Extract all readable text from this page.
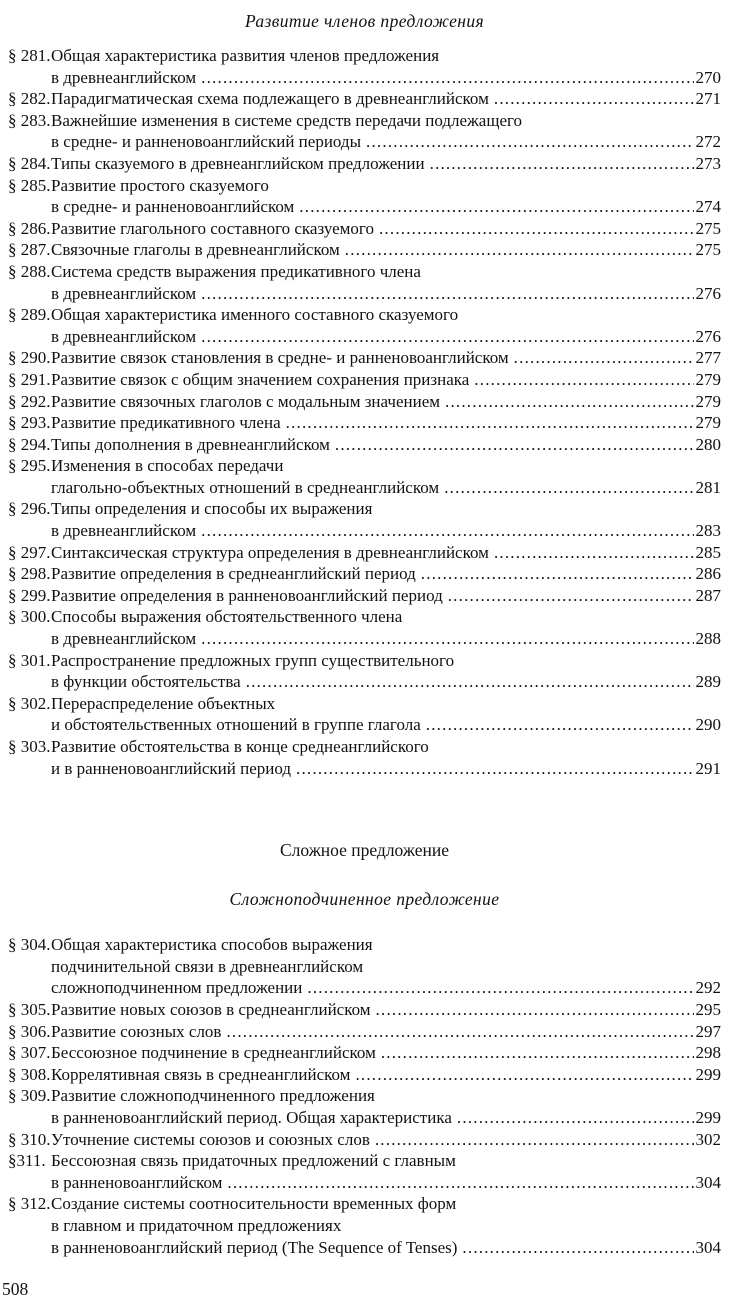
Развитие членов предложения
§ 281. Общая характеристика развития членов предложения
в древнеанглийском .....	270
§ 282. Парадигматическая схема подлежащего в древнеанглийском .....	271
§ 283. Важнейшие изменения в системе средств передачи подлежащего
в средне- и ранненовоанглийский периоды .....	272
§ 284. Типы сказуемого в древнеанглийском предложении .....	273
§ 285. Развитие простого сказуемого
в средне- и ранненовоанглийском .....	274
§ 286. Развитие глагольного составного сказуемого .....	275
§ 287. Связочные глаголы в древнеанглийском .....	275
§ 288. Система средств выражения предикативного члена
в древнеанглийском .....	276
§ 289. Общая характеристика именного составного сказуемого
в древнеанглийском .....	276
§ 290. Развитие связок становления в средне- и ранненовоанглийском .....	277
§ 291. Развитие связок с общим значением сохранения признака .....	279
§ 292. Развитие связочных глаголов с модальным значением .....	279
§ 293. Развитие предикативного члена .....	279
§ 294. Типы дополнения в древнеанглийском .....	280
§ 295. Изменения в способах передачи
глагольно-объектных отношений в среднеанглийском .....	281
§ 296. Типы определения и способы их выражения
в древнеанглийском .....	283
§ 297. Синтаксическая структура определения в древнеанглийском .....	285
§ 298. Развитие определения в среднеанглийский период .....	286
§ 299. Развитие определения в ранненовоанглийский период .....	287
§ 300. Способы выражения обстоятельственного члена
в древнеанглийском .....	288
§ 301. Распространение предложных групп существительного
в функции обстоятельства .....	289
§ 302. Перераспределение объектных
и обстоятельственных отношений в группе глагола .....	290
§ 303. Развитие обстоятельства в конце среднеанглийского
и в ранненовоанглийский период .....	291
Сложное предложение
Сложноподчиненное предложение
§ 304. Общая характеристика способов выражения
подчинительной связи в древнеанглийском
сложноподчиненном предложении .....	292
§ 305. Развитие новых союзов в среднеанглийском .....	295
§ 306. Развитие союзных слов .....	297
§ 307. Бессоюзное подчинение в среднеанглийском .....	298
§ 308. Коррелятивная связь в среднеанглийском .....	299
§ 309. Развитие сложноподчиненного предложения
в ранненовоанглийский период. Общая характеристика .....	299
§ 310. Уточнение системы союзов и союзных слов .....	302
§311. Бессоюзная связь придаточных предложений с главным
в ранненовоанглийском .....	304
§ 312. Создание системы соотносительности временных форм
в главном и придаточном предложениях
в ранненовоанглийский период (The Sequence of Tenses) .....	304
508
